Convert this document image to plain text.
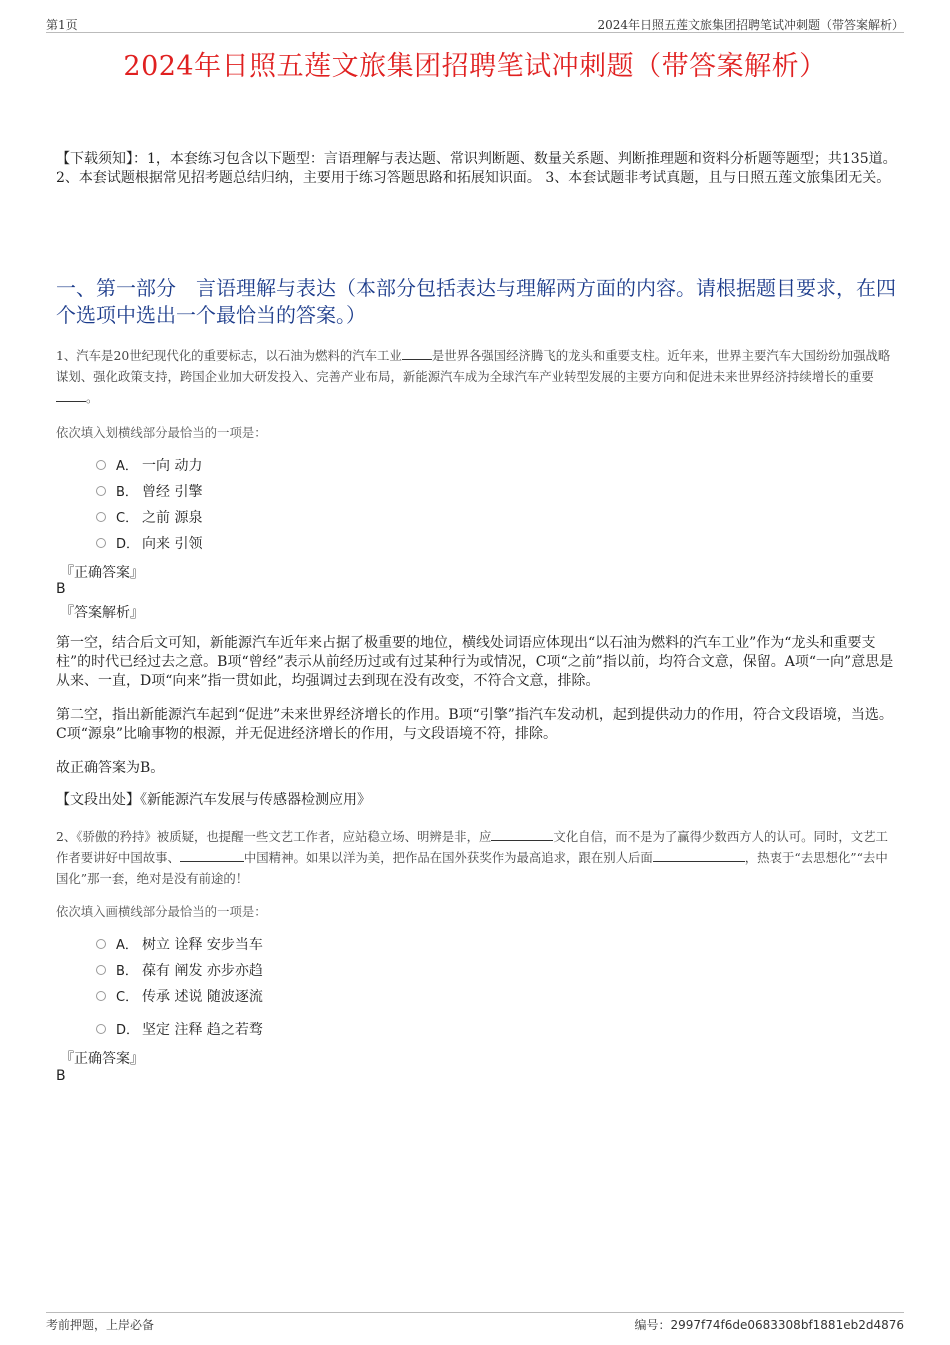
第1页	2024年日照五莲文旅集团招聘笔试冲刺题（带答案解析）
2024年日照五莲文旅集团招聘笔试冲刺题（带答案解析）
【下载须知】：1，本套练习包含以下题型：言语理解与表达题、常识判断题、数量关系题、判断推理题和资料分析题等题型；共135道。 2、本套试题根据常见招考题总结归纳，主要用于练习答题思路和拓展知识面。 3、本套试题非考试真题，且与日照五莲文旅集团无关。
一、第一部分　言语理解与表达（本部分包括表达与理解两方面的内容。请根据题目要求，在四个选项中选出一个最恰当的答案。）
1、汽车是20世纪现代化的重要标志，以石油为燃料的汽车工业 是世界各强国经济腾飞的龙头和重要支柱。近年来，世界主要汽车大国纷纷加强战略谋划、强化政策支持，跨国企业加大研发投入、完善产业布局，新能源汽车成为全球汽车产业转型发展的主要方向和促进未来世界经济持续增长的重要。
依次填入划横线部分最恰当的一项是：
A． 一向 动力
B． 曾经 引擎
C． 之前 源泉
D． 向来 引领
『正确答案』
B
『答案解析』
第一空，结合后文可知，新能源汽车近年来占据了极重要的地位，横线处词语应体现出“以石油为燃料的汽车工业”作为“龙头和重要支柱”的时代已经过去之意。B项“曾经”表示从前经历过或有过某种行为或情况，C项“之前”指以前，均符合文意，保留。A项“一向”意思是从来、一直，D项“向来”指一贯如此，均强调过去到现在没有改变，不符合文意，排除。
第二空，指出新能源汽车起到“促进”未来世界经济增长的作用。B项“引擎”指汽车发动机，起到提供动力的作用，符合文段语境，当选。C项“源泉”比喻事物的根源，并无促进经济增长的作用，与文段语境不符，排除。
故正确答案为B。
【文段出处】《新能源汽车发展与传感器检测应用》
2、《骄傲的矜持》被质疑，也提醒一些文艺工作者，应站稳立场、明辨是非，应	文化自信，而不是为了赢得少数西方人的认可。同时，文艺工作者要讲好中国故事、	中国精神。如果以洋为美，把作品在国外获奖作为最高追求，跟在别人后面	，热衷于“去思想化”“去中国化”那一套，绝对是没有前途的！
依次填入画横线部分最恰当的一项是：
A． 树立 诠释 安步当车
B． 葆有 阐发 亦步亦趋
C． 传承 述说 随波逐流
D． 坚定 注释 趋之若骛
『正确答案』
B
考前押题，上岸必备	编号：2997f74f6de0683308bf1881eb2d4876
